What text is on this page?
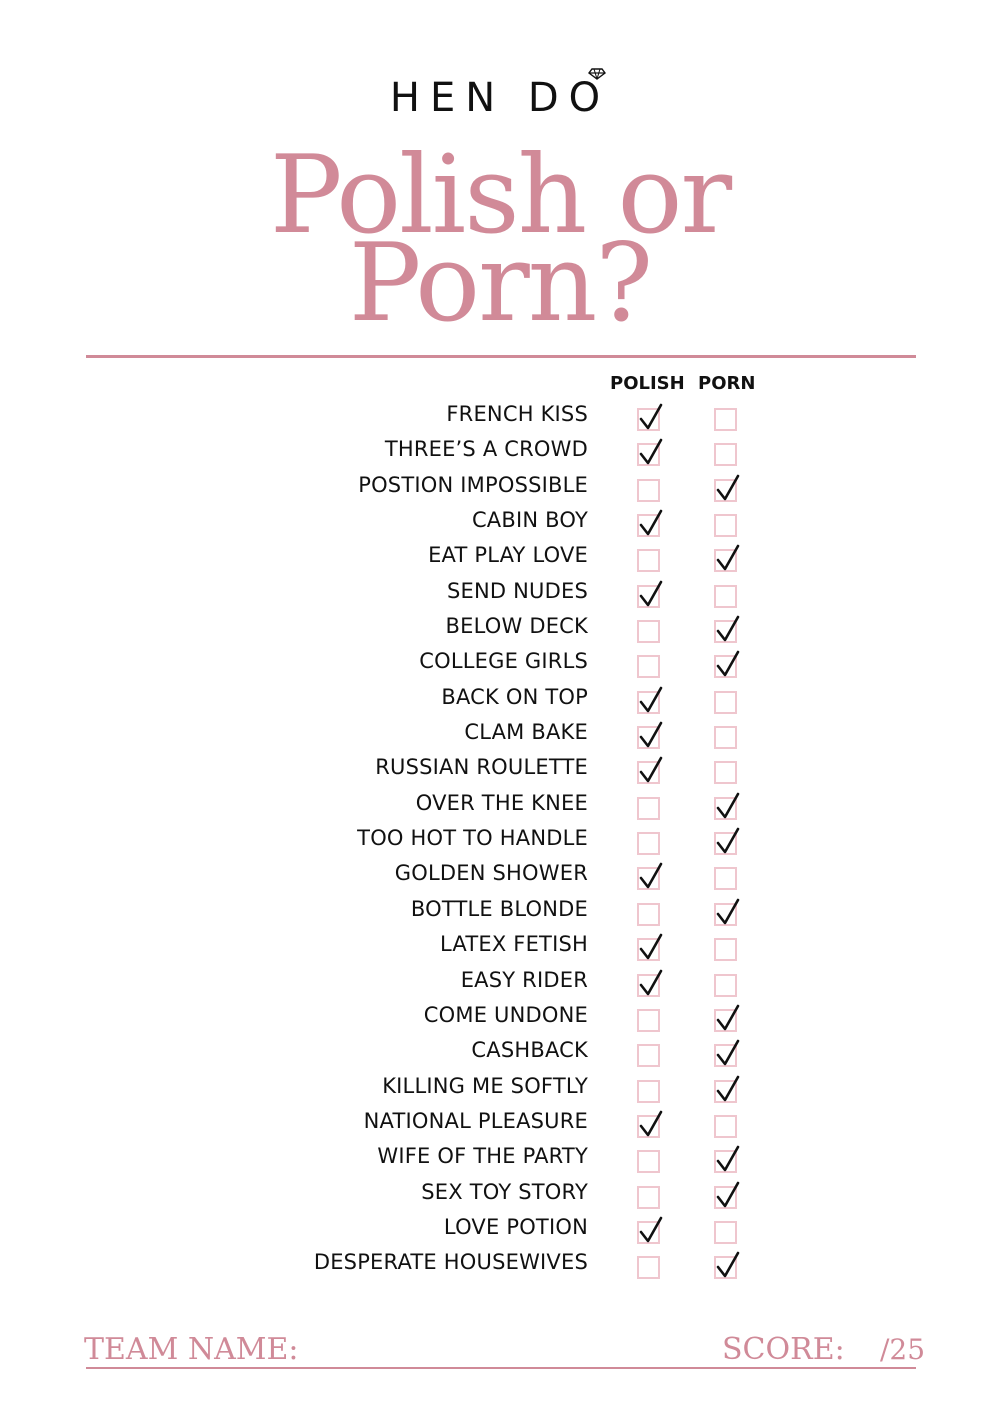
HEN DO
Polish or
Porn?
POLISH PORN
FRENCH KISS
THREE’S A CROWD
POSTION IMPOSSIBLE
CABIN BOY
EAT PLAY LOVE
SEND NUDES
BELOW DECK
COLLEGE GIRLS
BACK ON TOP
CLAM BAKE
RUSSIAN ROULETTE
OVER THE KNEE
TOO HOT TO HANDLE
GOLDEN SHOWER
BOTTLE BLONDE
LATEX FETISH
EASY RIDER
COME UNDONE
CASHBACK
KILLING ME SOFTLY
NATIONAL PLEASURE
WIFE OF THE PARTY
SEX TOY STORY
LOVE POTION
DESPERATE HOUSEWIVES
TEAM NAME:	SCORE: /25
